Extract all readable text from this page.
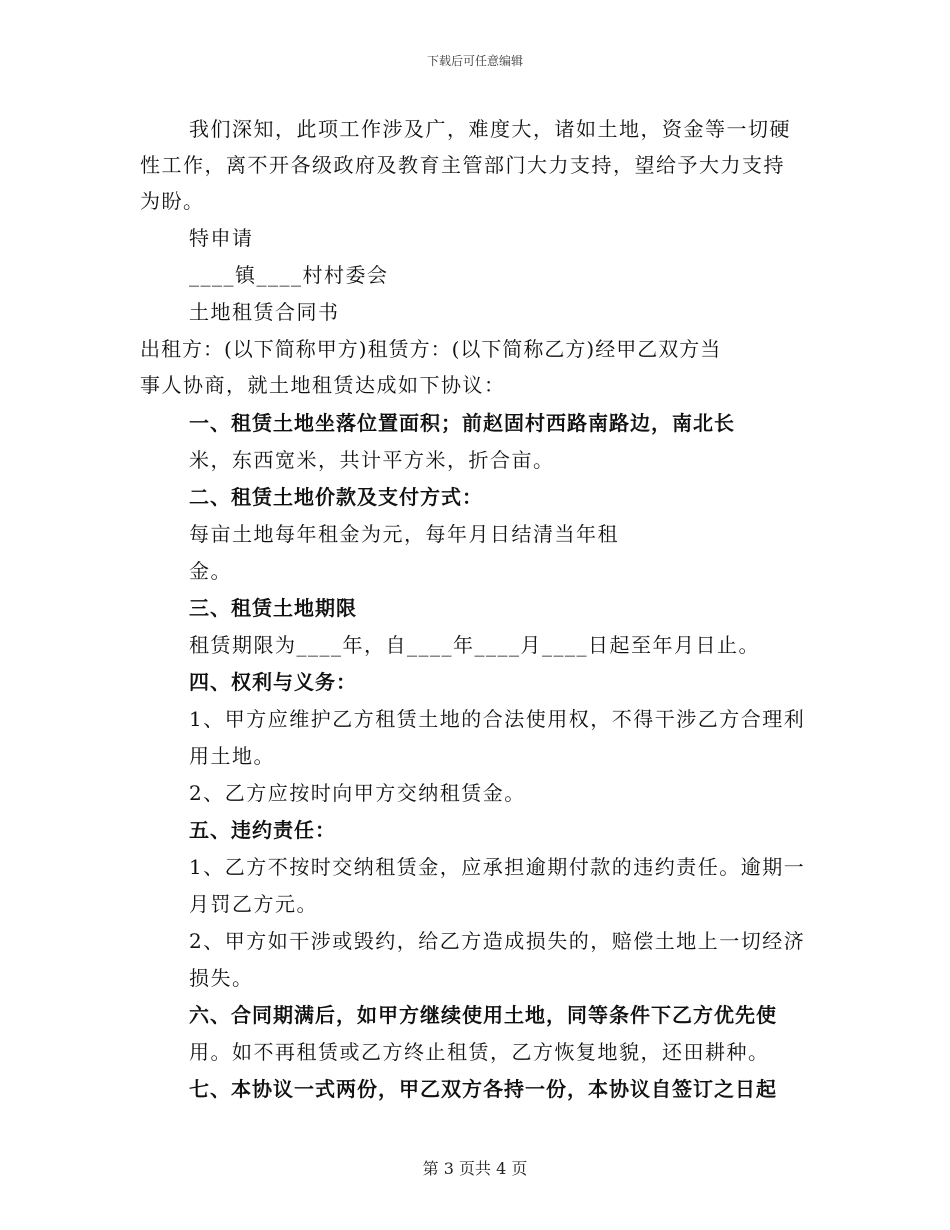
下载后可任意编辑
我们深知，此项工作涉及广，难度大，诸如土地，资金等一切硬
性工作，离不开各级政府及教育主管部门大力支持，望给予大力支持
为盼。
特申请
____镇____村村委会
土地租赁合同书
出租方：(以下简称甲方)租赁方：(以下简称乙方)经甲乙双方当
事人协商，就土地租赁达成如下协议：
一、租赁土地坐落位置面积；前赵固村西路南路边，南北长
米，东西宽米，共计平方米，折合亩。
二、租赁土地价款及支付方式：
每亩土地每年租金为元，每年月日结清当年租
金。
三、租赁土地期限
租赁期限为____年，自____年____月____日起至年月日止。
四、权利与义务：
1、甲方应维护乙方租赁土地的合法使用权，不得干涉乙方合理利
用土地。
2、乙方应按时向甲方交纳租赁金。
五、违约责任：
1、乙方不按时交纳租赁金，应承担逾期付款的违约责任。逾期一
月罚乙方元。
2、甲方如干涉或毁约，给乙方造成损失的，赔偿土地上一切经济
损失。
六、合同期满后，如甲方继续使用土地，同等条件下乙方优先使
用。如不再租赁或乙方终止租赁，乙方恢复地貌，还田耕种。
七、本协议一式两份，甲乙双方各持一份，本协议自签订之日起
第 3 页共 4 页
